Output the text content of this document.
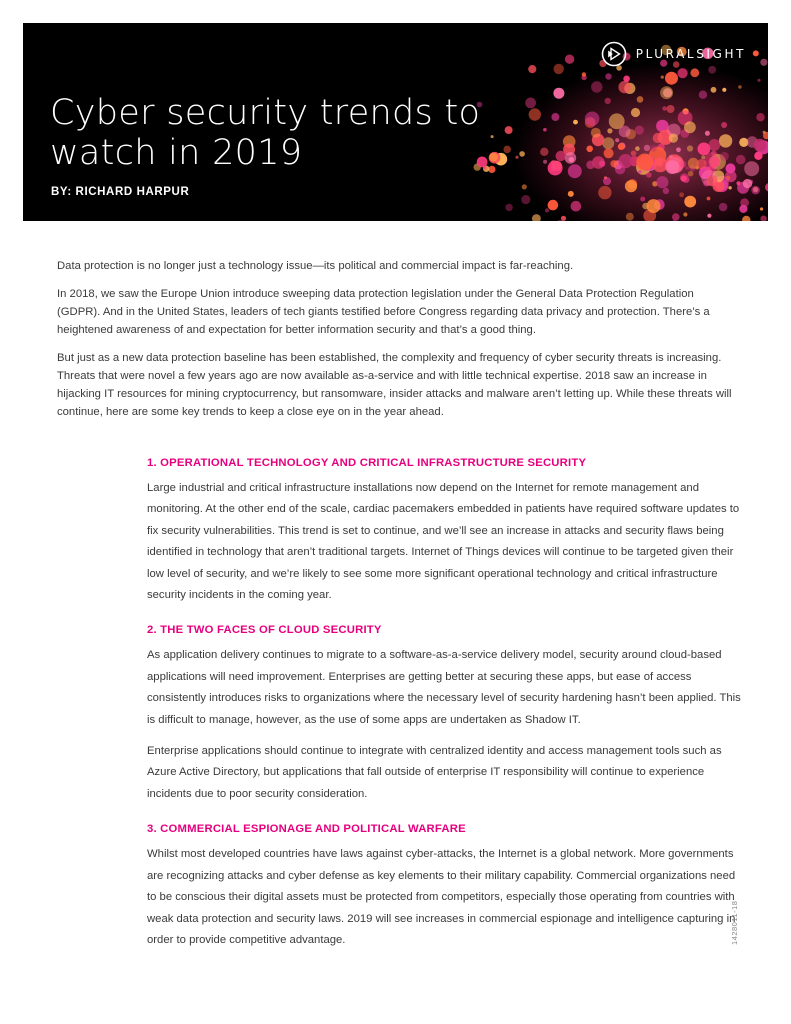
PLURALSIGHT
Cyber security trends to
watch in 2019
BY: RICHARD HARPUR

Data protection is no longer just a technology issue—its political and commercial impact is far-reaching.

In 2018, we saw the Europe Union introduce sweeping data protection legislation under the General Data Protection Regulation (GDPR). And in the United States, leaders of tech giants testified before Congress regarding data privacy and protection. There’s a heightened awareness of and expectation for better information security and that’s a good thing.

But just as a new data protection baseline has been established, the complexity and frequency of cyber security threats is increasing. Threats that were novel a few years ago are now available as-a-service and with little technical expertise. 2018 saw an increase in hijacking IT resources for mining cryptocurrency, but ransomware, insider attacks and malware aren’t letting up. While these threats will continue, here are some key trends to keep a close eye on in the year ahead.

1. OPERATIONAL TECHNOLOGY AND CRITICAL INFRASTRUCTURE SECURITY

Large industrial and critical infrastructure installations now depend on the Internet for remote management and monitoring. At the other end of the scale, cardiac pacemakers embedded in patients have required software updates to fix security vulnerabilities. This trend is set to continue, and we’ll see an increase in attacks and security flaws being identified in technology that aren’t traditional targets. Internet of Things devices will continue to be targeted given their low level of security, and we’re likely to see some more significant operational technology and critical infrastructure security incidents in the coming year.

2. THE TWO FACES OF CLOUD SECURITY

As application delivery continues to migrate to a software-as-a-service delivery model, security around cloud-based applications will need improvement. Enterprises are getting better at securing these apps, but ease of access consistently introduces risks to organizations where the necessary level of security hardening hasn’t been applied. This is difficult to manage, however, as the use of some apps are undertaken as Shadow IT.

Enterprise applications should continue to integrate with centralized identity and access management tools such as Azure Active Directory, but applications that fall outside of enterprise IT responsibility will continue to experience incidents due to poor security consideration.

3. COMMERCIAL ESPIONAGE AND POLITICAL WARFARE

Whilst most developed countries have laws against cyber-attacks, the Internet is a global network. More governments are recognizing attacks and cyber defense as key elements to their military capability. Commercial organizations need to be conscious their digital assets must be protected from competitors, especially those operating from countries with weak data protection and security laws. 2019 will see increases in commercial espionage and intelligence capturing in order to provide competitive advantage.	1428011-18
